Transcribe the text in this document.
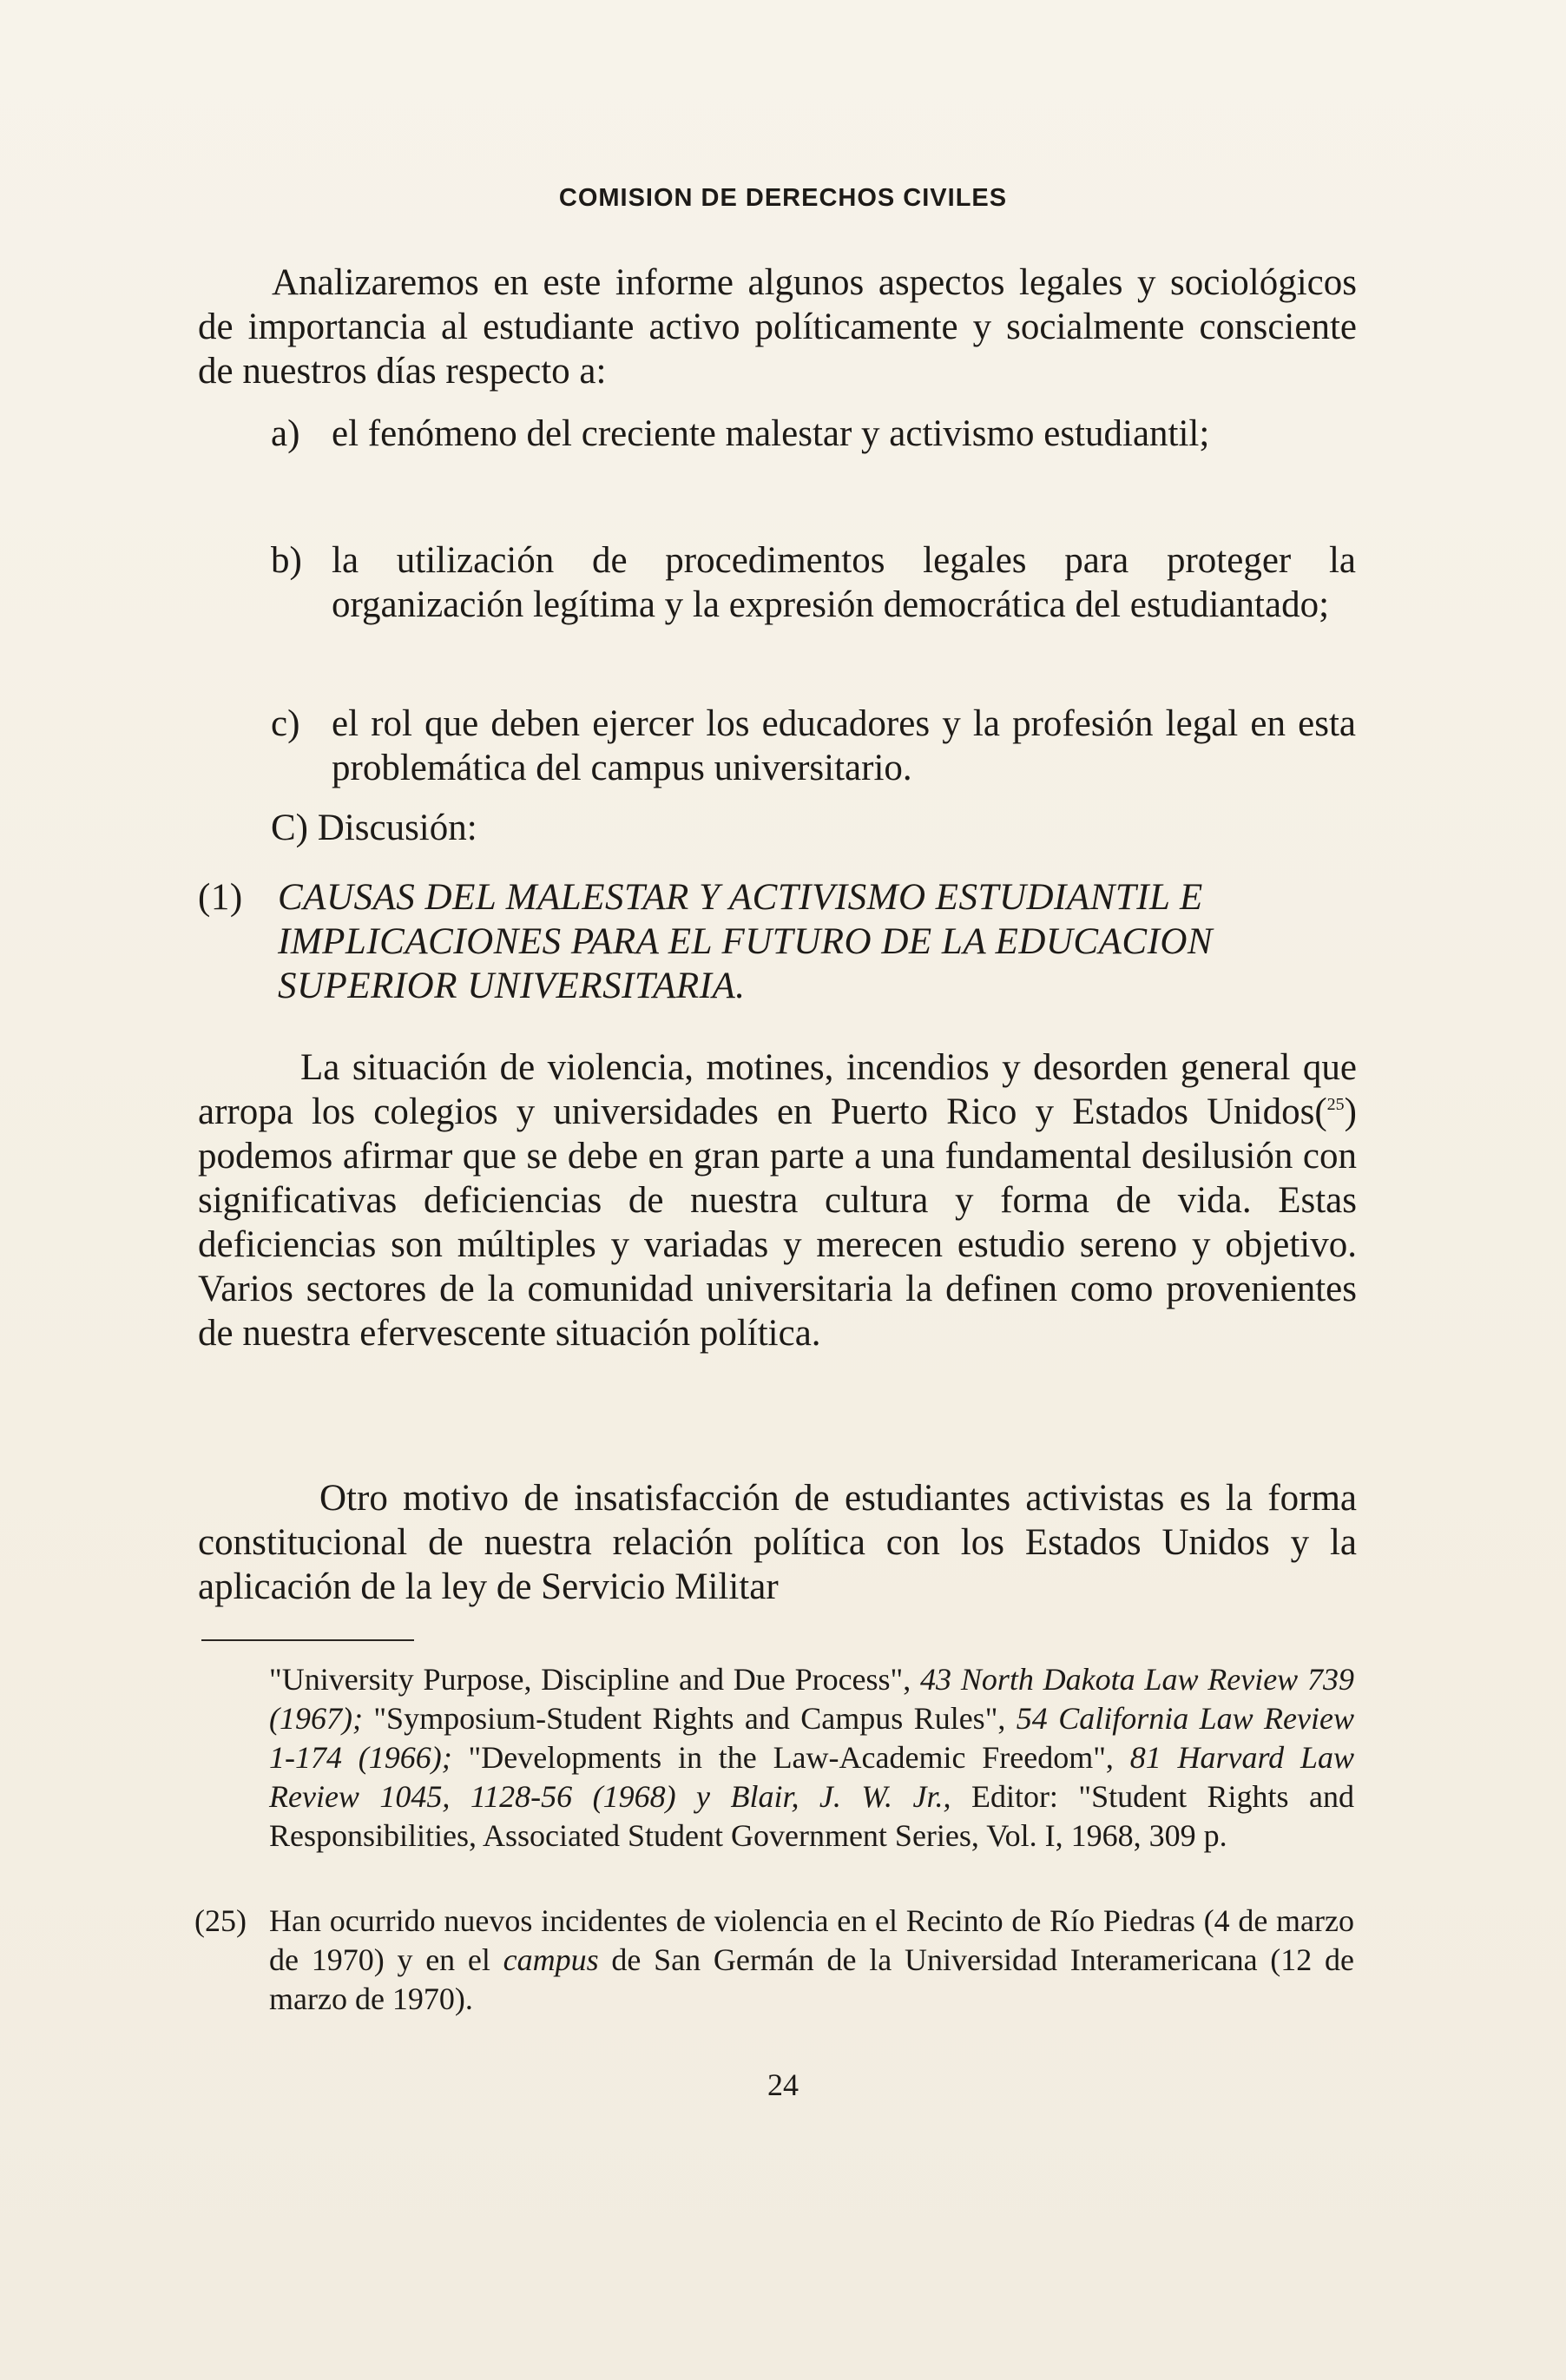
COMISION DE DERECHOS CIVILES

Analizaremos en este informe algunos aspectos legales y sociológicos de importancia al estudiante activo políticamente y socialmente consciente de nuestros días respecto a:

a) el fenómeno del creciente malestar y activismo estudiantil;
b) la utilización de procedimentos legales para proteger la organización legítima y la expresión democrática del estudiantado;
c) el rol que deben ejercer los educadores y la profesión legal en esta problemática del campus universitario.
C) Discusión:
(1) CAUSAS DEL MALESTAR Y ACTIVISMO ESTUDIANTIL E IMPLICACIONES PARA EL FUTURO DE LA EDUCACION SUPERIOR UNIVERSITARIA.

La situación de violencia, motines, incendios y desorden general que arropa los colegios y universidades en Puerto Rico y Estados Unidos($^{25}$) podemos afirmar que se debe en gran parte a una fundamental desilusión con significativas deficiencias de nuestra cultura y forma de vida. Estas deficiencias son múltiples y variadas y merecen estudio sereno y objetivo. Varios sectores de la comunidad universitaria la definen como provenientes de nuestra efervescente situación política.

Otro motivo de insatisfacción de estudiantes activistas es la forma constitucional de nuestra relación política con los Estados Unidos y la aplicación de la ley de Servicio Militar

"University Purpose, Discipline and Due Process", 43 North Dakota Law Review 739 (1967); "Symposium-Student Rights and Campus Rules", 54 California Law Review 1-174 (1966); "Developments in the Law-Academic Freedom", 81 Harvard Law Review 1045, 1128-56 (1968) y Blair, J. W. Jr., Editor: "Student Rights and Responsibilities, Associated Student Government Series, Vol. I, 1968, 309 p.

(25) Han ocurrido nuevos incidentes de violencia en el Recinto de Río Piedras (4 de marzo de 1970) y en el campus de San Germán de la Universidad Interamericana (12 de marzo de 1970).
24
